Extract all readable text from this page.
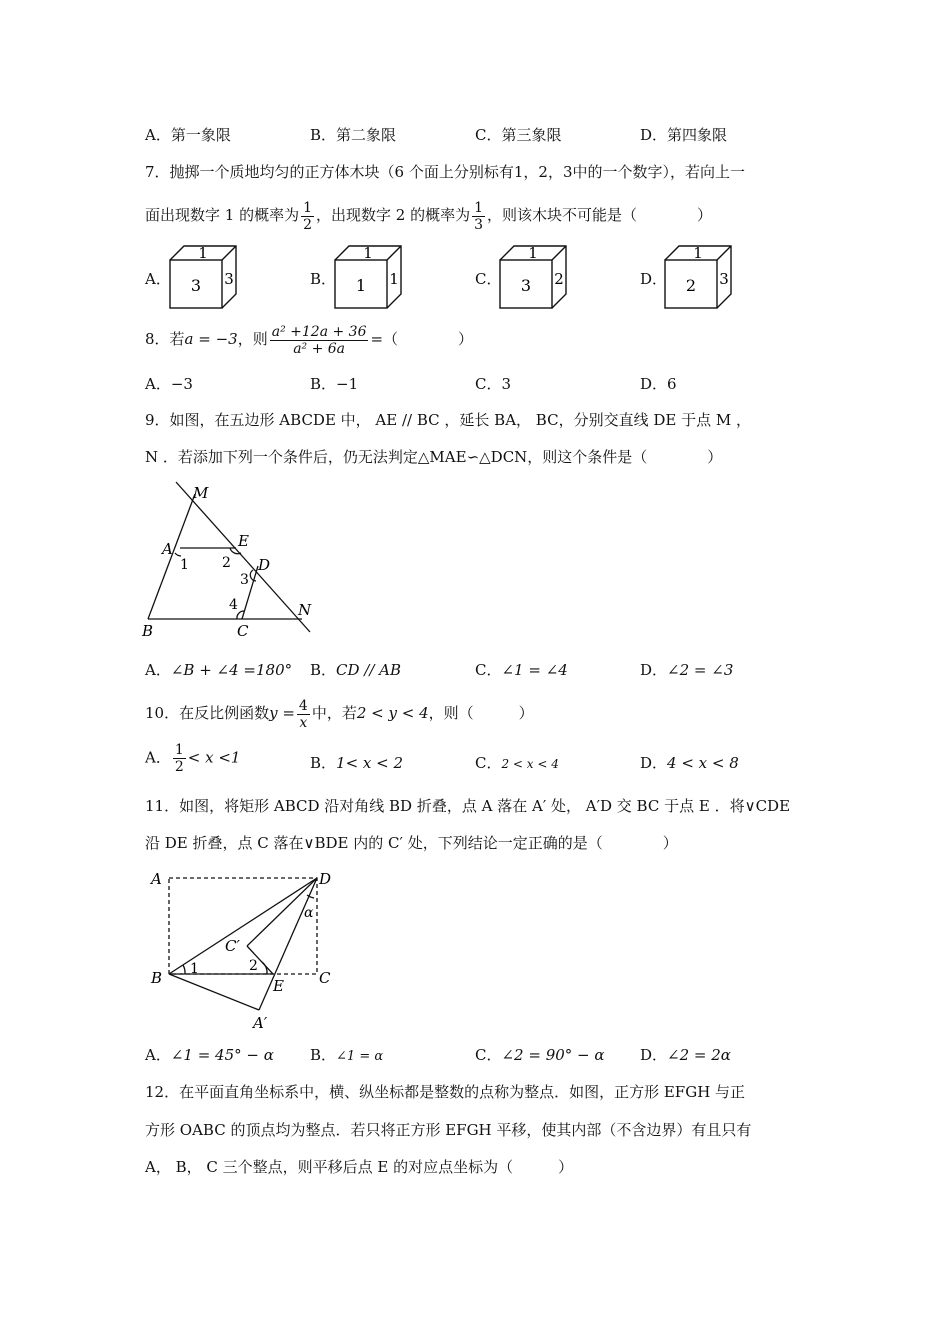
A．第一象限	B．第二象限	C．第三象限	D．第四象限
7．抛掷一个质地均匀的正方体木块（6 个面上分别标有1，2，3中的一个数字），若向上一
面出现数字 1 的概率为 $\frac{1}{2}$ ，出现数字 2 的概率为 $\frac{1}{3}$ ，则该木块不可能是（　　　　）
A．
1
3 3	B．
1
1 1	C．
1
3 2	D．
1
2 3
8．若a = −3，则 $\frac{\text{a² +12a + 36}}{\text{a² + 6a}}$ =（　　　　）
A．−3	B．−1	C．3	D．6
9．如图，在五边形 ABCDE 中， AE // BC ，延长 BA， BC，分别交直线 DE 于点 M ，
N ．若添加下列一个条件后，仍无法判定△MAE∽△DCN，则这个条件是（　　　　）
M
A	E
D
B	C
N
1 2
3
4
A．∠B + ∠4 =180° B．CD // AB	C．∠1 = ∠4	D．∠2 = ∠3
10．在反比例函数$y = \frac{4}{x}$ 中，若2 < y < 4，则（　　　）
A． $\frac{1}{2} < x <1$	B．1< x < 2	C．2 < x < 4	D．4 < x < 8
11．如图，将矩形 ABCD 沿对角线 BD 折叠，点 A 落在 A′ 处， A′D 交 BC 于点 E ．将∨CDE
沿 DE 折叠，点 C 落在∨BDE 内的 C′ 处，下列结论一定正确的是（　　　　）
A	D
B	C
E
C′
A′
1	2
α
A．∠1 = 45° − α B．∠1 = α	C．∠2 = 90° − α D．∠2 = 2α
12．在平面直角坐标系中，横、纵坐标都是整数的点称为整点．如图，正方形 EFGH 与正
方形 OABC 的顶点均为整点．若只将正方形 EFGH 平移，使其内部（不含边界）有且只有
A， B， C 三个整点，则平移后点 E 的对应点坐标为（　　　）
